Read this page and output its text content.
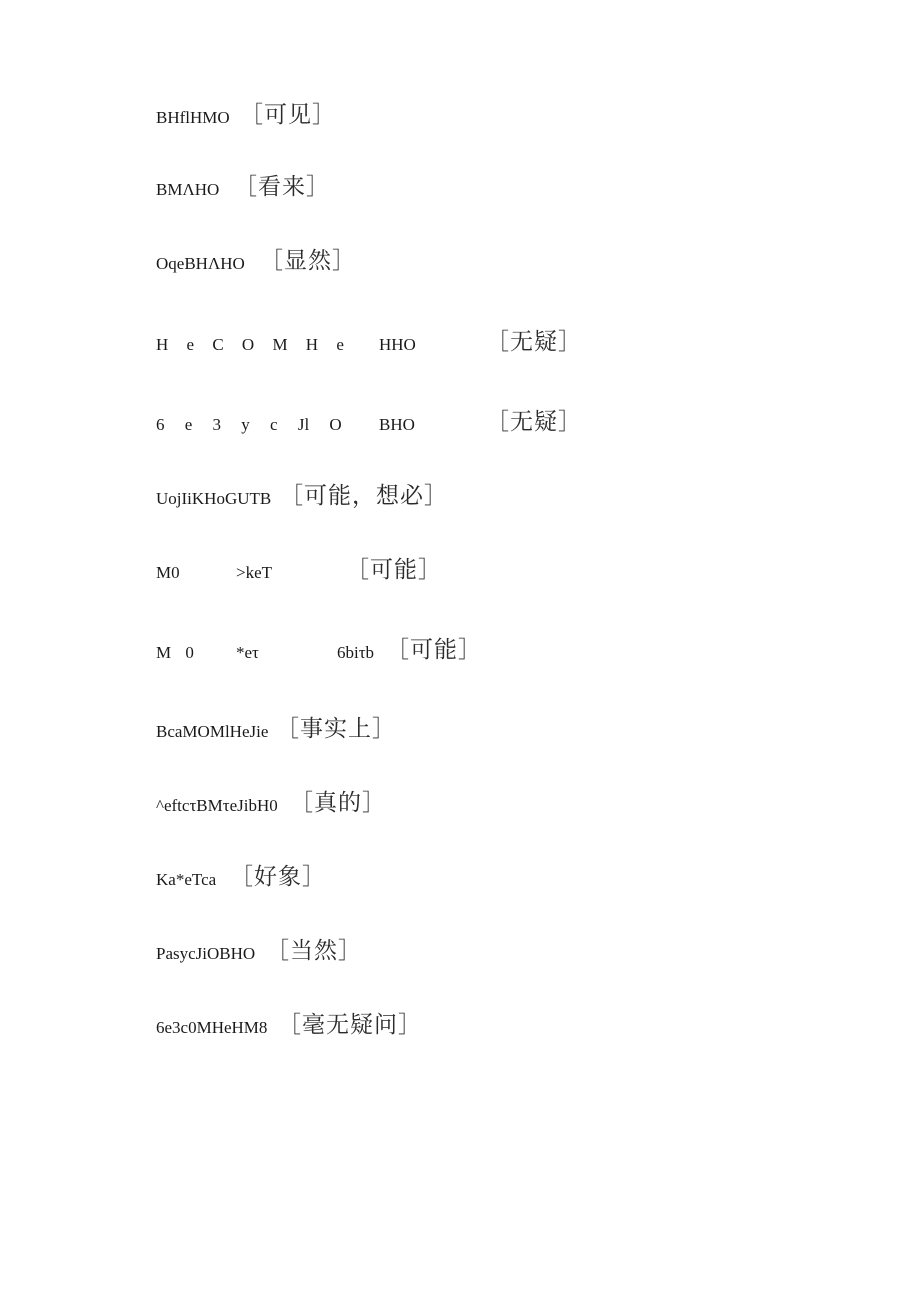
BHflHMO ［可见］
BMΛHO ［看来］
OqeBHΛHO ［显然］
H e C O M H e HHO	［无疑］
6 e 3 y c Jl O BHO	［无疑］
UojIiKHoGUTB ［可能，想必］
M0	>keT	［可能］
M 0 *eτ	6biτb ［可能］
BcaMOMlHeJie ［事实上］
^eftcτBMτeJibH0 ［真的］
Ka*eTca ［好象］
PasycJiOBHO ［当然］
6e3c0MHeHM8 ［毫无疑问］
